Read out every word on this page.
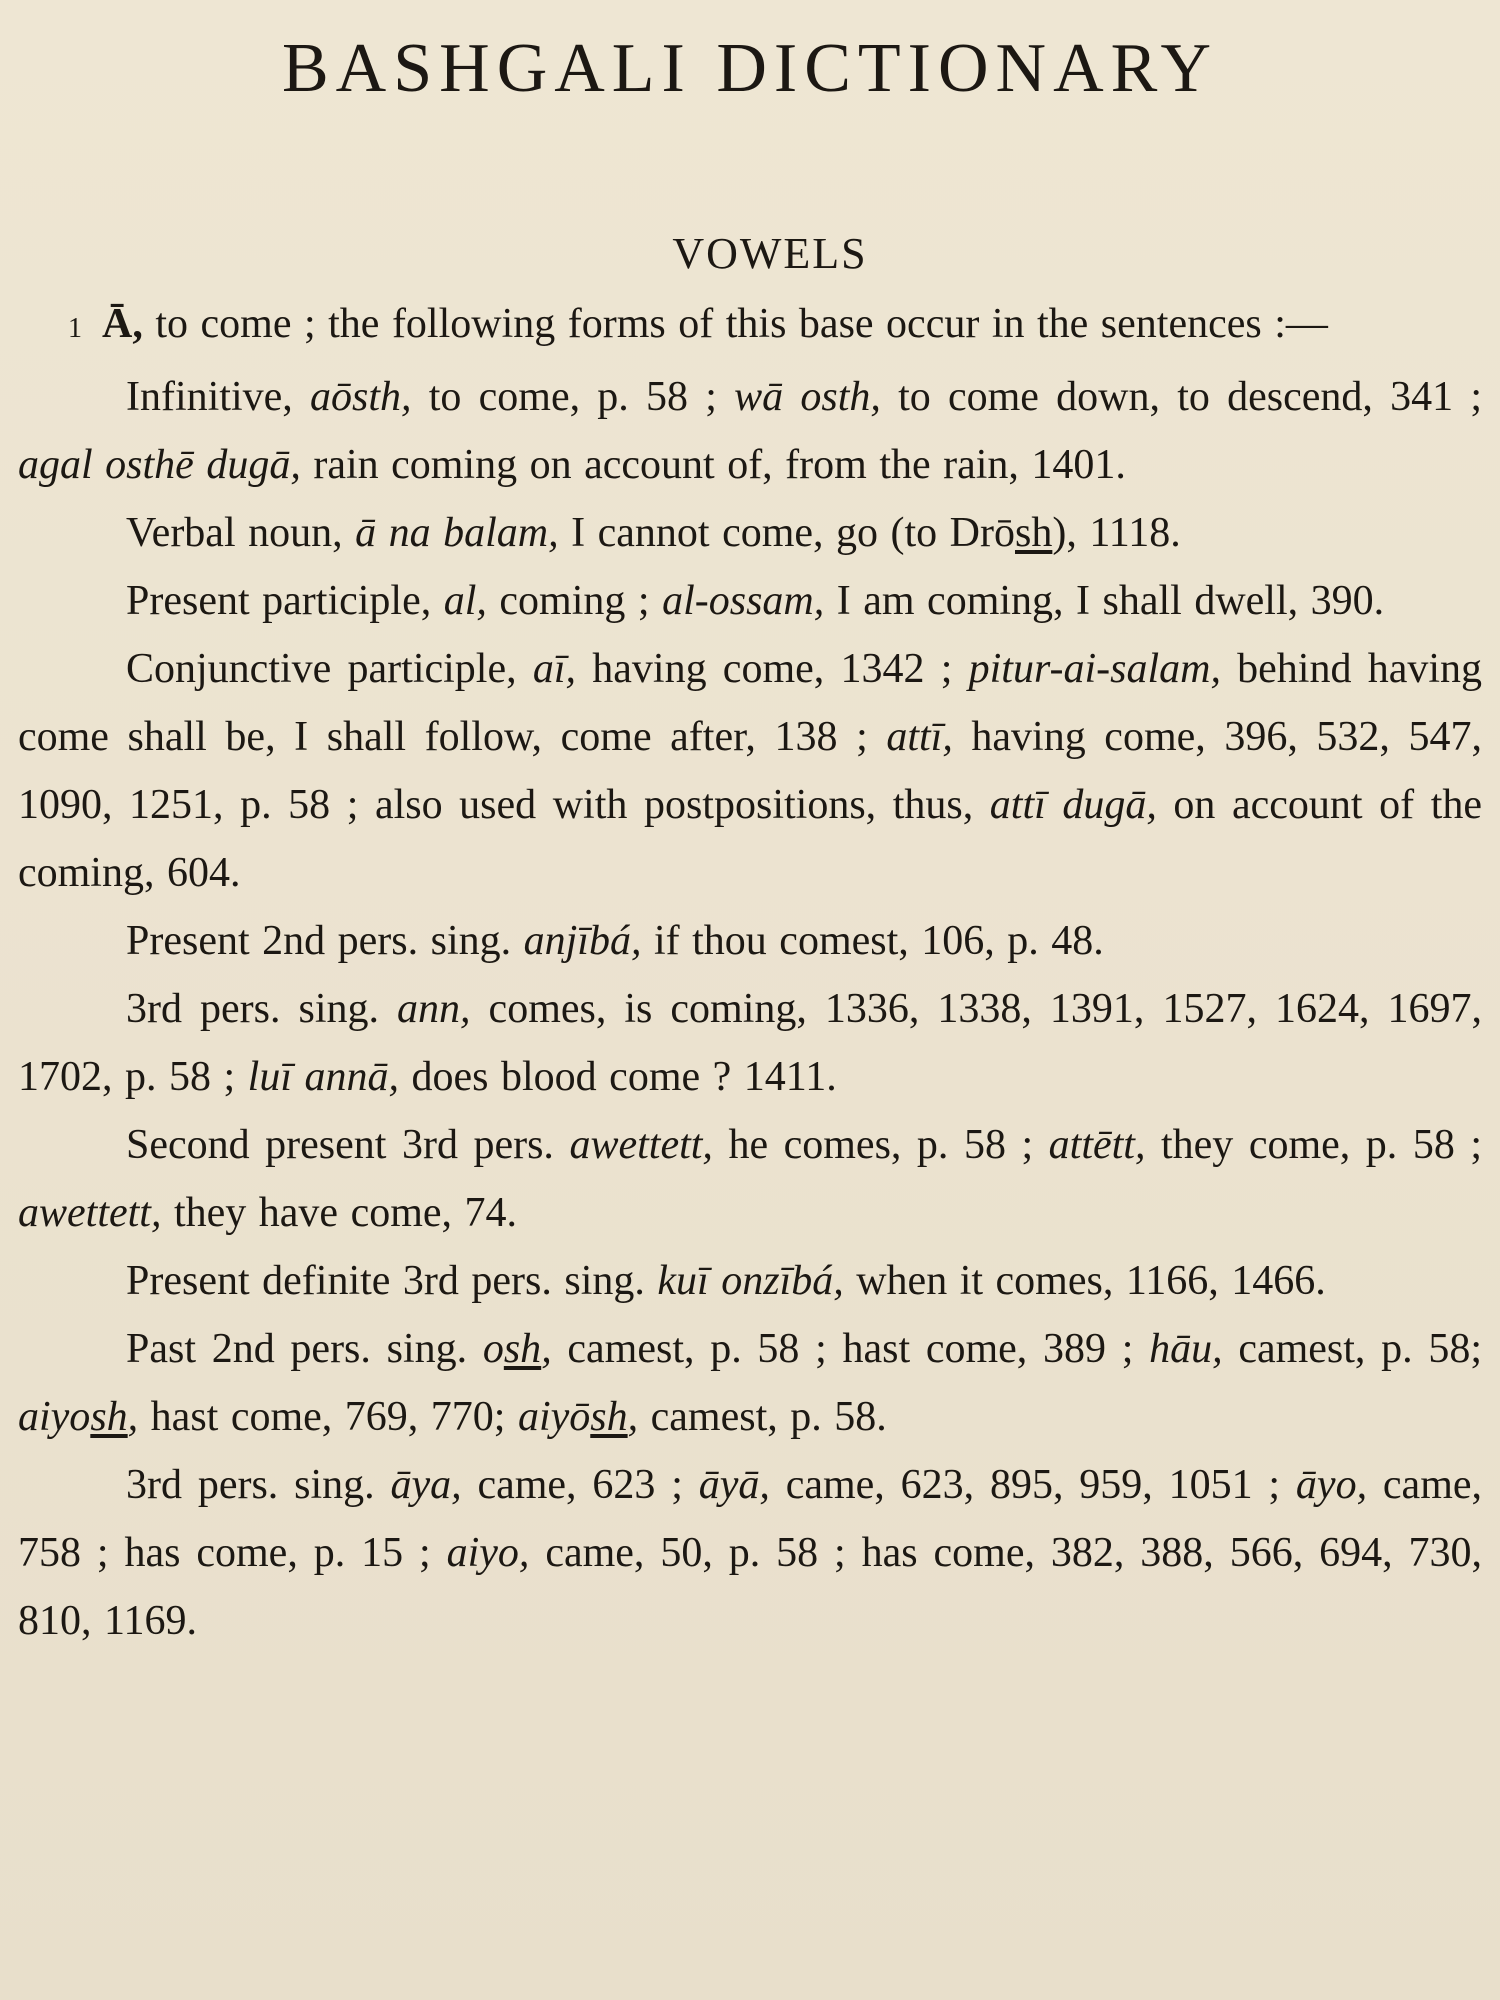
BASHGALI DICTIONARY
VOWELS

1 Ā, to come ; the following forms of this base occur in the sentences :—

Infinitive, aōsth, to come, p. 58 ; wā osth, to come down, to descend, 341 ; agal osthē dugā, rain coming on account of, from the rain, 1401.

Verbal noun, ā na balam, I cannot come, go (to Drōsh), 1118.

Present participle, al, coming ; al-ossam, I am coming, I shall dwell, 390.

Conjunctive participle, aī, having come, 1342 ; pitur-ai-salam, behind having come shall be, I shall follow, come after, 138 ; attī, having come, 396, 532, 547, 1090, 1251, p. 58 ; also used with postpositions, thus, attī dugā, on account of the coming, 604.

Present 2nd pers. sing. anjībá, if thou comest, 106, p. 48.

3rd pers. sing. ann, comes, is coming, 1336, 1338, 1391, 1527, 1624, 1697, 1702, p. 58 ; luī annā, does blood come ? 1411.

Second present 3rd pers. awettett, he comes, p. 58 ; attētt, they come, p. 58 ; awettett, they have come, 74.

Present definite 3rd pers. sing. kuī onzībá, when it comes, 1166, 1466.

Past 2nd pers. sing. osh, camest, p. 58 ; hast come, 389 ; hāu, camest, p. 58; aiyosh, hast come, 769, 770; aiyōsh, camest, p. 58.

3rd pers. sing. āya, came, 623 ; āyā, came, 623, 895, 959, 1051 ; āyo, came, 758 ; has come, p. 15 ; aiyo, came, 50, p. 58 ; has come, 382, 388, 566, 694, 730, 810, 1169.
